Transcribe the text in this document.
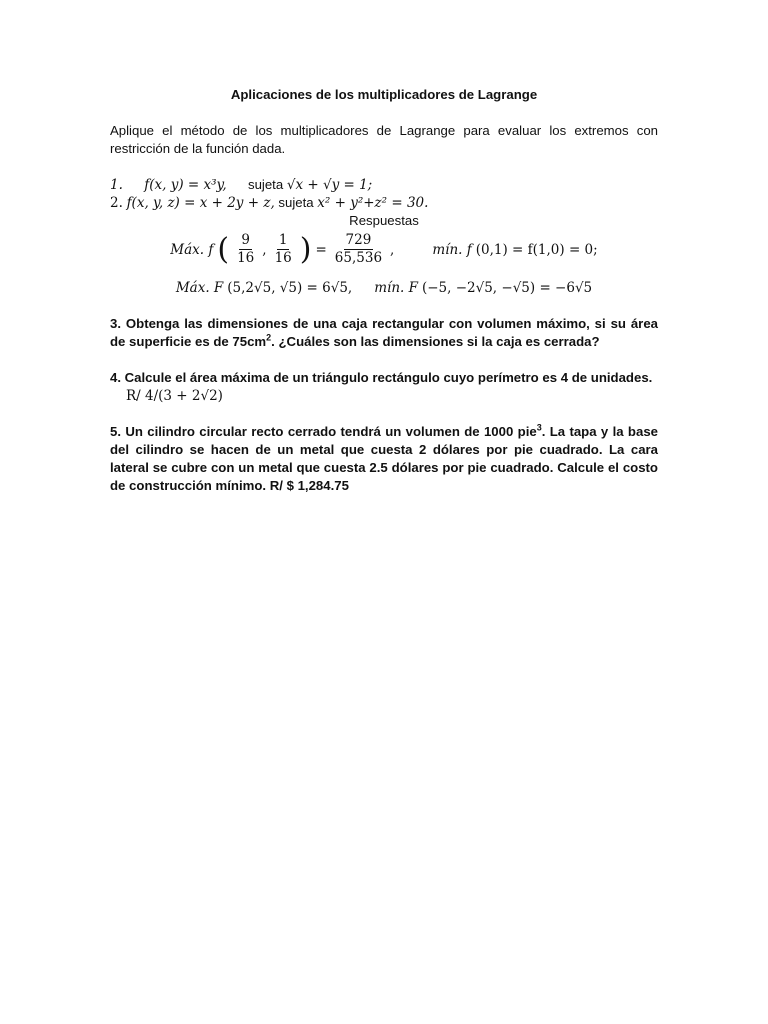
Aplicaciones de los multiplicadores de Lagrange
Aplique el método de los multiplicadores de Lagrange para evaluar los extremos con restricción de la función dada.
1. f(x, y) = x³y, sujeta √x + √y = 1;
2. f(x, y, z) = x + 2y + z, sujeta x² + y²+z² = 30.
Respuestas
Máx. f ( $\frac{9}{16}$ , $\frac{1}{16}$ ) = $\frac{729}{65,536}$ ,	mín. f (0,1) = f(1,0) = 0;
Máx. F (5,2√5, √5) = 6√5, mín. F (−5, −2√5, −√5) = −6√5
3. Obtenga las dimensiones de una caja rectangular con volumen máximo, si su área de superficie es de $75cm^2$. ¿Cuáles son las dimensiones si la caja es cerrada?
4. Calcule el área máxima de un triángulo rectángulo cuyo perímetro es 4 de unidades.
R/ 4/(3 + 2√2)
5. Un cilindro circular recto cerrado tendrá un volumen de 1000 pie$^3$. La tapa y la base del cilindro se hacen de un metal que cuesta 2 dólares por pie cuadrado. La cara lateral se cubre con un metal que cuesta 2.5 dólares por pie cuadrado. Calcule el costo de construcción mínimo. R/ $ 1,284.75
